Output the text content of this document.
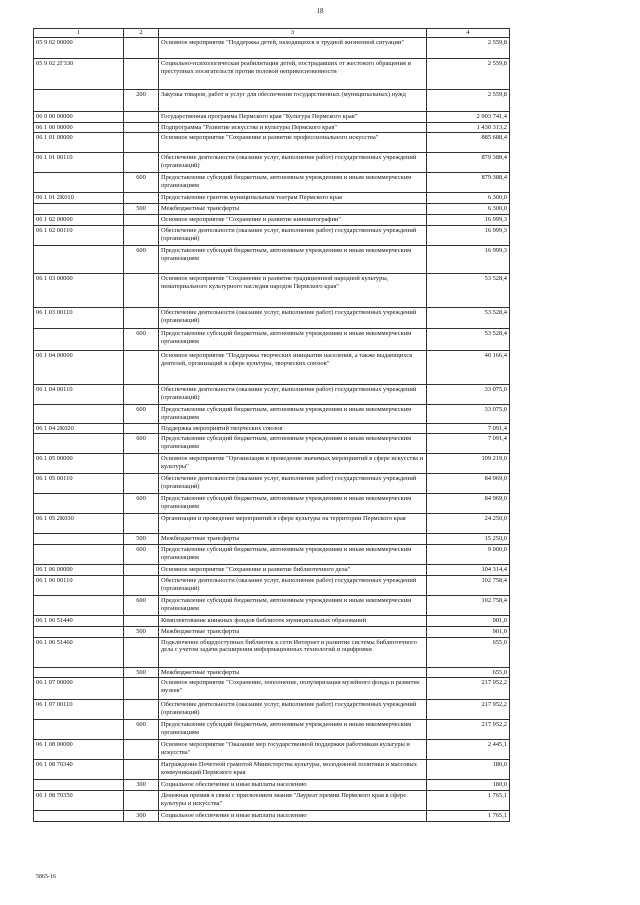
18
1	2	3	4
05 9 02 00000		Основное мероприятие "Поддержка детей, находящихся в трудной жизненной ситуации"	2 559,8
05 9 02 2Г330		Социально-психологическая реабилитация детей, пострадавших от жестокого обращения и преступных посягательств против половой неприкосновенности	2 559,8
	200	Закупка товаров, работ и услуг для обеспечения государственных (муниципальных) нужд	2 559,8
06 0 00 00000		Государственная программа Пермского края "Культура Пермского края"	2 903 741,4
06 1 00 00000		Подпрограмма "Развитие искусства и культуры Пермского края"	1 430 313,2
06 1 01 00000		Основное мероприятие "Сохранение и развитие профессионального искусства"	885 688,4
06 1 01 00110		Обеспечение деятельности (оказание услуг, выполнение работ) государственных учреждений (организаций)	879 388,4
	600	Предоставление субсидий бюджетным, автономным учреждениям и иным некоммерческим организациям	879 388,4
06 1 01 2К010		Предоставление грантов муниципальным театрам Пермского края	6 300,0
	500	Межбюджетные трансферты	6 300,0
06 1 02 00000		Основное мероприятие "Сохранение и развитие кинематографии"	16 999,3
06 1 02 00110		Обеспечение деятельности (оказание услуг, выполнение работ) государственных учреждений (организаций)	16 999,3
	600	Предоставление субсидий бюджетным, автономным учреждениям и иным некоммерческим организациям	16 999,3
06 1 03 00000		Основное мероприятие "Сохранение и развитие традиционной народной культуры, нематериального культурного наследия народов Пермского края"	53 528,4
06 1 03 00110		Обеспечение деятельности (оказание услуг, выполнение работ) государственных учреждений (организаций)	53 528,4
	600	Предоставление субсидий бюджетным, автономным учреждениям и иным некоммерческим организациям	53 528,4
06 1 04 00000		Основное мероприятие "Поддержка творческих инициатив населения, а также выдающихся деятелей, организаций в сфере культуры, творческих союзов"	40 166,4
06 1 04 00110		Обеспечение деятельности (оказание услуг, выполнение работ) государственных учреждений (организаций)	33 075,0
	600	Предоставление субсидий бюджетным, автономным учреждениям и иным некоммерческим организациям	33 075,0
06 1 04 2К020		Поддержка мероприятий творческих союзов	7 091,4
	600	Предоставление субсидий бюджетным, автономным учреждениям и иным некоммерческим организациям	7 091,4
06 1 05 00000		Основное мероприятие "Организация и проведение значимых мероприятий в сфере искусства и культуры"	109 219,0
06 1 05 00110		Обеспечение деятельности (оказание услуг, выполнение работ) государственных учреждений (организаций)	84 969,0
	600	Предоставление субсидий бюджетным, автономным учреждениям и иным некоммерческим организациям	84 969,0
06 1 05 2К030		Организация и проведение мероприятий в сфере культуры на территории Пермского края	24 250,0
	500	Межбюджетные трансферты	15 250,0
	600	Предоставление субсидий бюджетным, автономным учреждениям и иным некоммерческим организациям	9 000,0
06 1 06 00000		Основное мероприятие "Сохранение и развитие библиотечного дела"	104 314,4
06 1 06 00110		Обеспечение деятельности (оказание услуг, выполнение работ) государственных учреждений (организаций)	102 758,4
	600	Предоставление субсидий бюджетным, автономным учреждениям и иным некоммерческим организациям	102 758,4
06 1 06 51440		Комплектование книжных фондов библиотек муниципальных образований	901,0
	500	Межбюджетные трансферты	901,0
06 1 06 51460		Подключение общедоступных библиотек к сети Интернет и развитие системы библиотечного дела с учетом задачи расширения информационных технологий и оцифровки	655,0
	500	Межбюджетные трансферты	655,0
06 1 07 00000		Основное мероприятие "Сохранение, пополнение, популяризация музейного фонда и развитие музеев"	217 952,2
06 1 07 00110		Обеспечение деятельности (оказание услуг, выполнение работ) государственных учреждений (организаций)	217 952,2
	600	Предоставление субсидий бюджетным, автономным учреждениям и иным некоммерческим организациям	217 952,2
06 1 08 00000		Основное мероприятие "Оказание мер государственной поддержки работникам культуры и искусства"	2 445,1
06 1 08 70340		Награждение Почетной грамотой Министерства культуры, молодежной политики и массовых коммуникаций Пермского края	180,0
	300	Социальное обеспечение и иные выплаты населению	180,0
06 1 08 70350		Денежная премия в связи с присвоением звания "Лауреат премии Пермского края в сфере культуры и искусства"	1 765,1
	300	Социальное обеспечение и иные выплаты населению	1 765,1
5865-16
